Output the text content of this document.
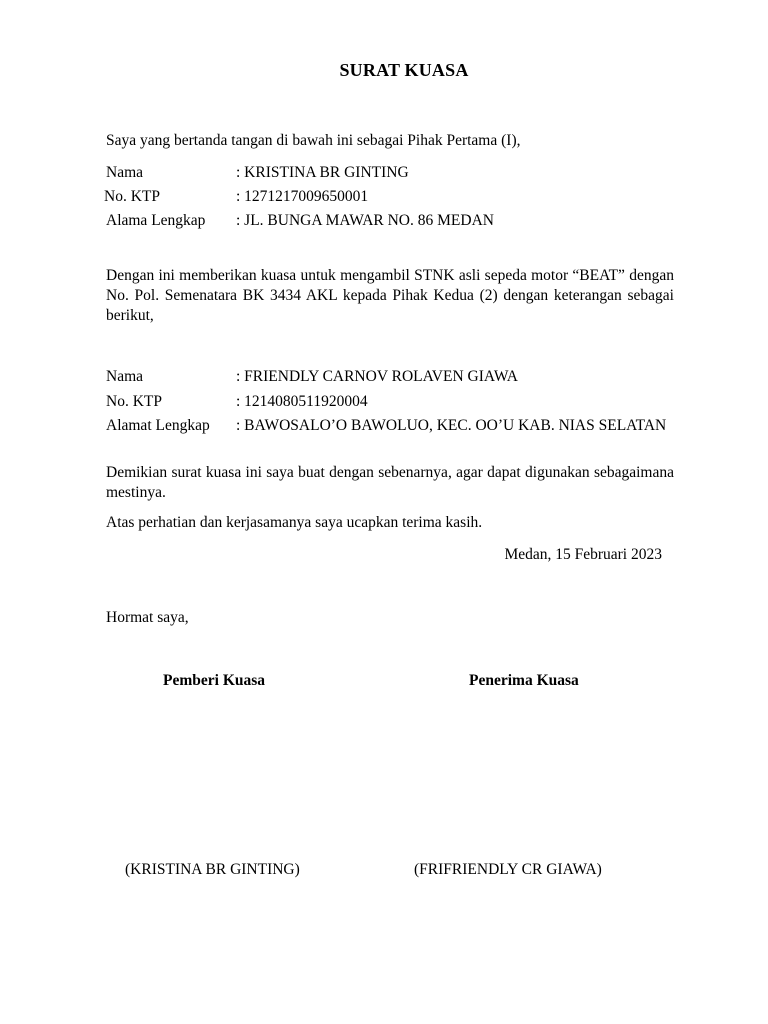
SURAT KUASA
Saya yang bertanda tangan di bawah ini sebagai Pihak Pertama (I),
Nama	: KRISTINA BR GINTING
No. KTP	: 1271217009650001
Alama Lengkap : JL. BUNGA MAWAR NO. 86 MEDAN
Dengan ini memberikan kuasa untuk mengambil STNK asli sepeda motor “BEAT” dengan No. Pol. Semenatara BK 3434 AKL kepada Pihak Kedua (2) dengan keterangan sebagai berikut,
Nama	: FRIENDLY CARNOV ROLAVEN GIAWA
No. KTP	: 1214080511920004
Alamat Lengkap : BAWOSALO’O BAWOLUO, KEC. OO’U KAB. NIAS SELATAN
Demikian surat kuasa ini saya buat dengan sebenarnya, agar dapat digunakan sebagaimana mestinya.
Atas perhatian dan kerjasamanya saya ucapkan terima kasih.
Medan, 15 Februari 2023
Hormat saya,
Pemberi Kuasa	Penerima Kuasa
(KRISTINA BR GINTING)	(FRIFRIENDLY CR GIAWA)
